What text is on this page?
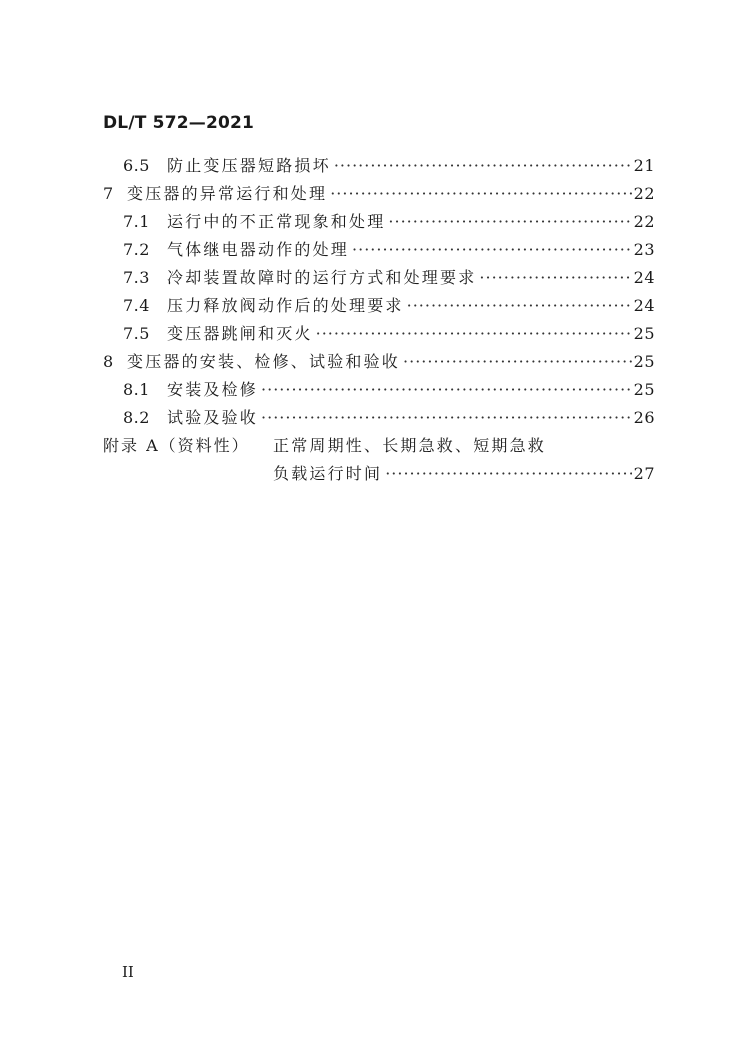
DL/T 572—2021
6.5	防止变压器短路损坏 ·····	21
7 变压器的异常运行和处理 ·····	22
7.1	运行中的不正常现象和处理 ·····	22
7.2	气体继电器动作的处理 ·····	23
7.3	冷却装置故障时的运行方式和处理要求 ·····	24
7.4	压力释放阀动作后的处理要求 ·····	24
7.5	变压器跳闸和灭火 ·····	25
8 变压器的安装、检修、试验和验收 ·····	25
8.1	安装及检修 ·····	25
8.2	试验及验收 ·····	26
附录 A（资料性） 正常周期性、长期急救、短期急救
负载运行时间 ·····	27
II
